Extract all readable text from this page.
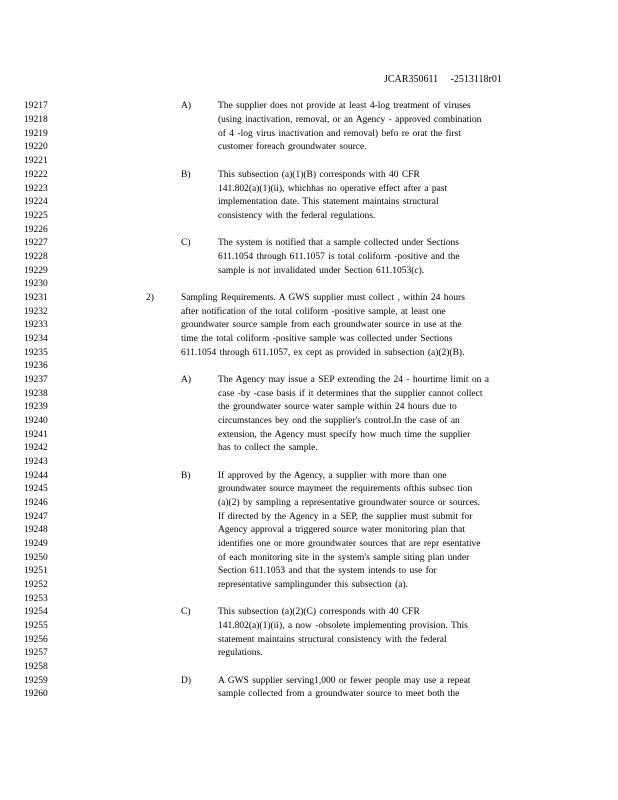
JCAR350611 -2513118r01
19217
19218
19219
19220
19221
19222
19223
19224
19225
19226
19227
19228
19229
19230
19231
19232
19233
19234
19235
19236
19237
19238
19239
19240
19241
19242
19243
19244
19245
19246
19247
19248
19249
19250
19251
19252
19253
19254
19255
19256
19257
19258
19259
19260
A)	The supplier does not provide at least 4-log treatment of viruses
(using inactivation, removal, or an Agency - approved combination
of 4 -log virus inactivation and removal) befo re orat the first
customer foreach groundwater source.
B)	This subsection (a)(1)(B) corresponds with 40 CFR
141.802(a)(1)(ii), whichhas no operative effect after a past
implementation date. This statement maintains structural
consistency with the federal regulations.
C)	The system is notified that a sample collected under Sections
611.1054 through 611.1057 is total coliform -positive and the
sample is not invalidated under Section 611.1053(c).
2)	Sampling Requirements. A GWS supplier must collect , within 24 hours
after notification of the total coliform -positive sample, at least one
groundwater source sample from each groundwater source in use at the
time the total coliform -positive sample was collected under Sections
611.1054 through 611.1057, ex cept as provided in subsection (a)(2)(B).
A)	The Agency may issue a SEP extending the 24 - hourtime limit on a
case -by -case basis if it determines that the supplier cannot collect
the groundwater source water sample within 24 hours due to
circumstances bey ond the supplier's control.In the case of an
extension, the Agency must specify how much time the supplier
has to collect the sample.
B)	If approved by the Agency, a supplier with more than one
groundwater source maymeet the requirements ofthis subsec tion
(a)(2) by sampling a representative groundwater source or sources.
If directed by the Agency in a SEP, the supplier must submit for
Agency approval a triggered source water monitoring plan that
identifies one or more groundwater sources that are repr esentative
of each monitoring site in the system's sample siting plan under
Section 611.1053 and that the system intends to use for
representative samplingunder this subsection (a).
C)	This subsection (a)(2)(C) corresponds with 40 CFR
141.802(a)(1)(ii), a now -obsolete implementing provision. This
statement maintains structural consistency with the federal
regulations.
D)	A GWS supplier serving1,000 or fewer people may use a repeat
sample collected from a groundwater source to meet both the
